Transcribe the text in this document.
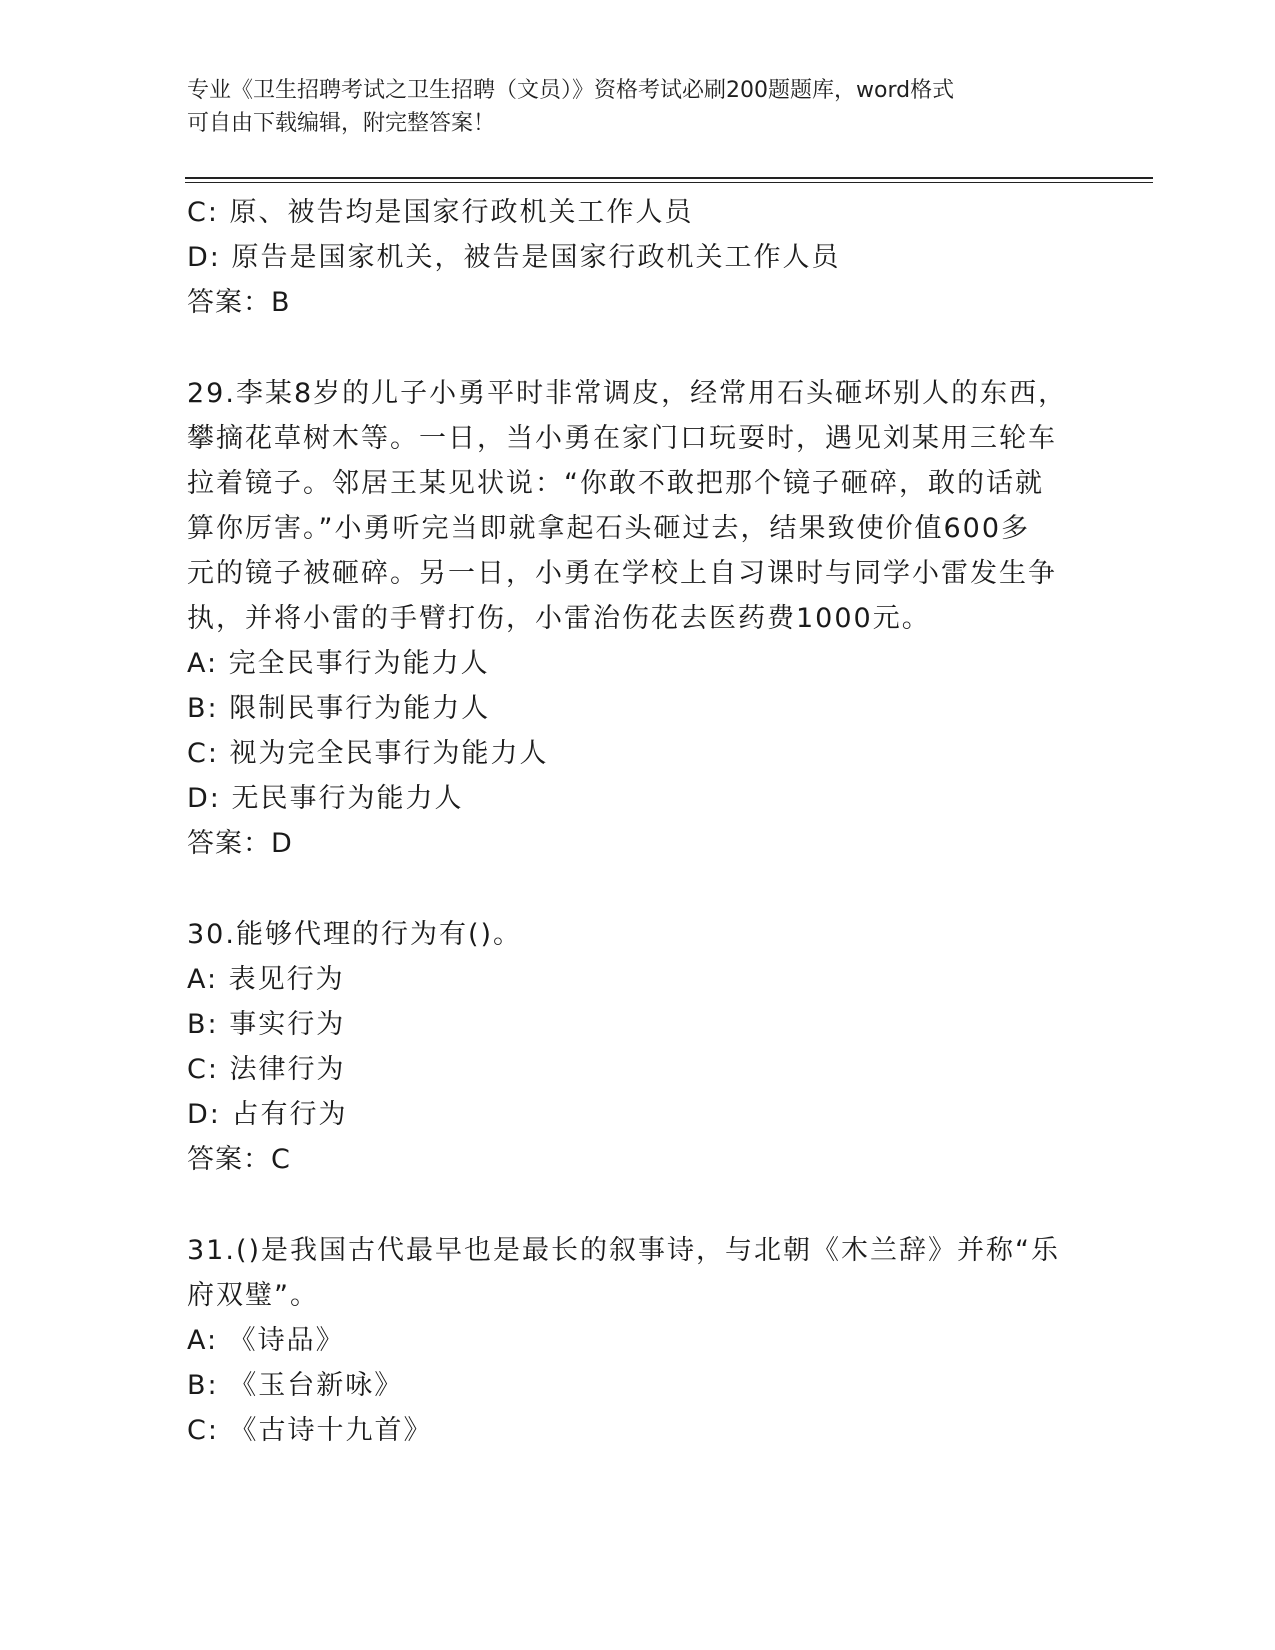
专业《卫生招聘考试之卫生招聘（文员）》资格考试必刷200题题库，word格式
可自由下载编辑，附完整答案！
C: 原、被告均是国家行政机关工作人员
D: 原告是国家机关，被告是国家行政机关工作人员
答案：B
29.李某8岁的儿子小勇平时非常调皮，经常用石头砸坏别人的东西，
攀摘花草树木等。一日，当小勇在家门口玩耍时，遇见刘某用三轮车
拉着镜子。邻居王某见状说：“你敢不敢把那个镜子砸碎，敢的话就
算你厉害。”小勇听完当即就拿起石头砸过去，结果致使价值600多
元的镜子被砸碎。另一日，小勇在学校上自习课时与同学小雷发生争
执，并将小雷的手臂打伤，小雷治伤花去医药费1000元。
A: 完全民事行为能力人
B: 限制民事行为能力人
C: 视为完全民事行为能力人
D: 无民事行为能力人
答案：D
30.能够代理的行为有()。
A: 表见行为
B: 事实行为
C: 法律行为
D: 占有行为
答案：C
31.()是我国古代最早也是最长的叙事诗，与北朝《木兰辞》并称“乐
府双璧”。
A: 《诗品》
B: 《玉台新咏》
C: 《古诗十九首》
